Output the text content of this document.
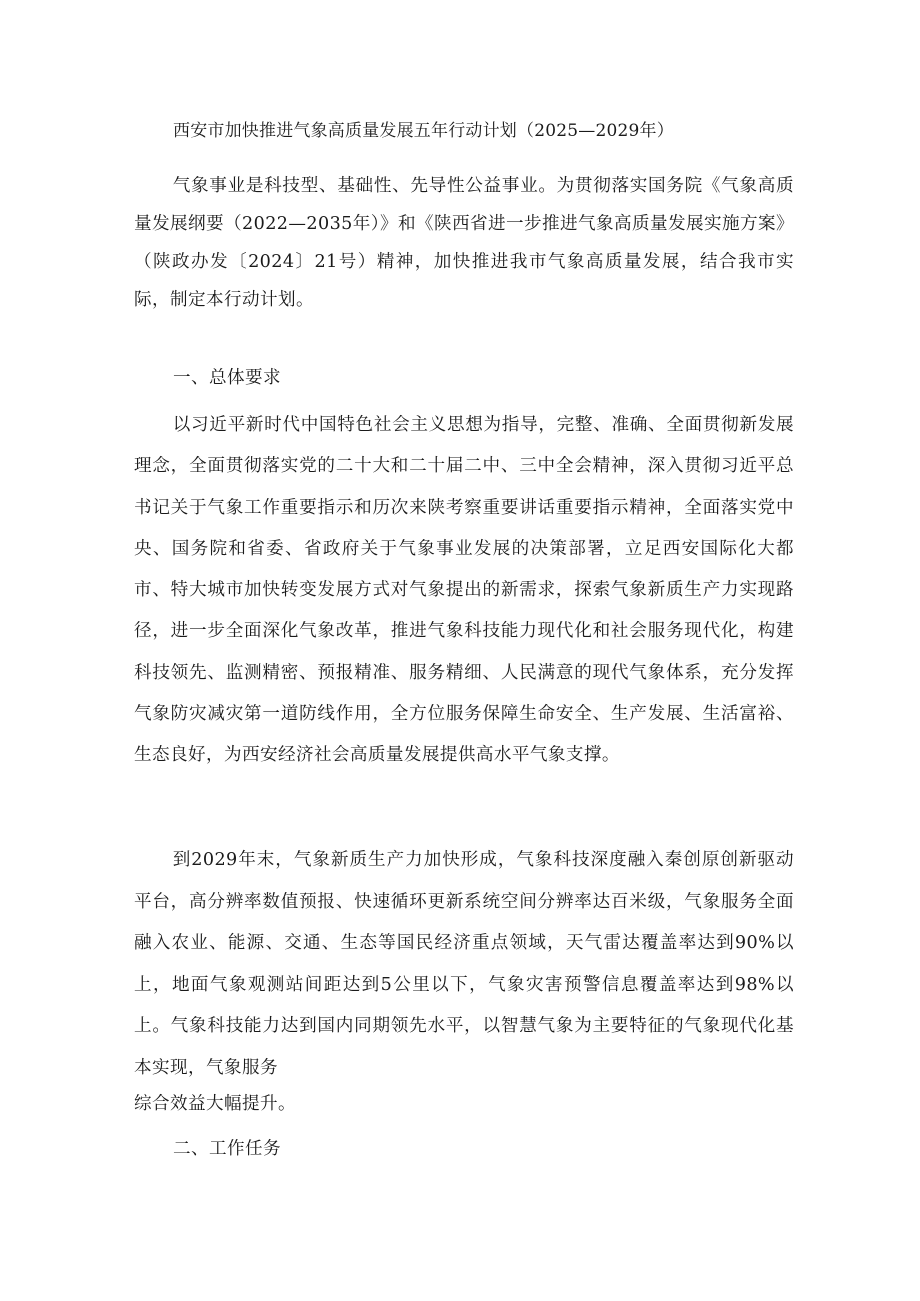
西安市加快推进气象高质量发展五年行动计划（2025—2029年）

气象事业是科技型、基础性、先导性公益事业。为贯彻落实国务院《气象高质量发展纲要（2022—2035年）》和《陕西省进一步推进气象高质量发展实施方案》（陕政办发〔2024〕21号）精神，加快推进我市气象高质量发展，结合我市实际，制定本行动计划。

一、总体要求

以习近平新时代中国特色社会主义思想为指导，完整、准确、全面贯彻新发展理念，全面贯彻落实党的二十大和二十届二中、三中全会精神，深入贯彻习近平总书记关于气象工作重要指示和历次来陕考察重要讲话重要指示精神，全面落实党中央、国务院和省委、省政府关于气象事业发展的决策部署，立足西安国际化大都市、特大城市加快转变发展方式对气象提出的新需求，探索气象新质生产力实现路径，进一步全面深化气象改革，推进气象科技能力现代化和社会服务现代化，构建科技领先、监测精密、预报精准、服务精细、人民满意的现代气象体系，充分发挥气象防灾减灾第一道防线作用，全方位服务保障生命安全、生产发展、生活富裕、生态良好，为西安经济社会高质量发展提供高水平气象支撑。

到2029年末，气象新质生产力加快形成，气象科技深度融入秦创原创新驱动平台，高分辨率数值预报、快速循环更新系统空间分辨率达百米级，气象服务全面融入农业、能源、交通、生态等国民经济重点领域，天气雷达覆盖率达到90%以上，地面气象观测站间距达到5公里以下，气象灾害预警信息覆盖率达到98%以上。气象科技能力达到国内同期领先水平，以智慧气象为主要特征的气象现代化基本实现，气象服务

综合效益大幅提升。
二、工作任务
